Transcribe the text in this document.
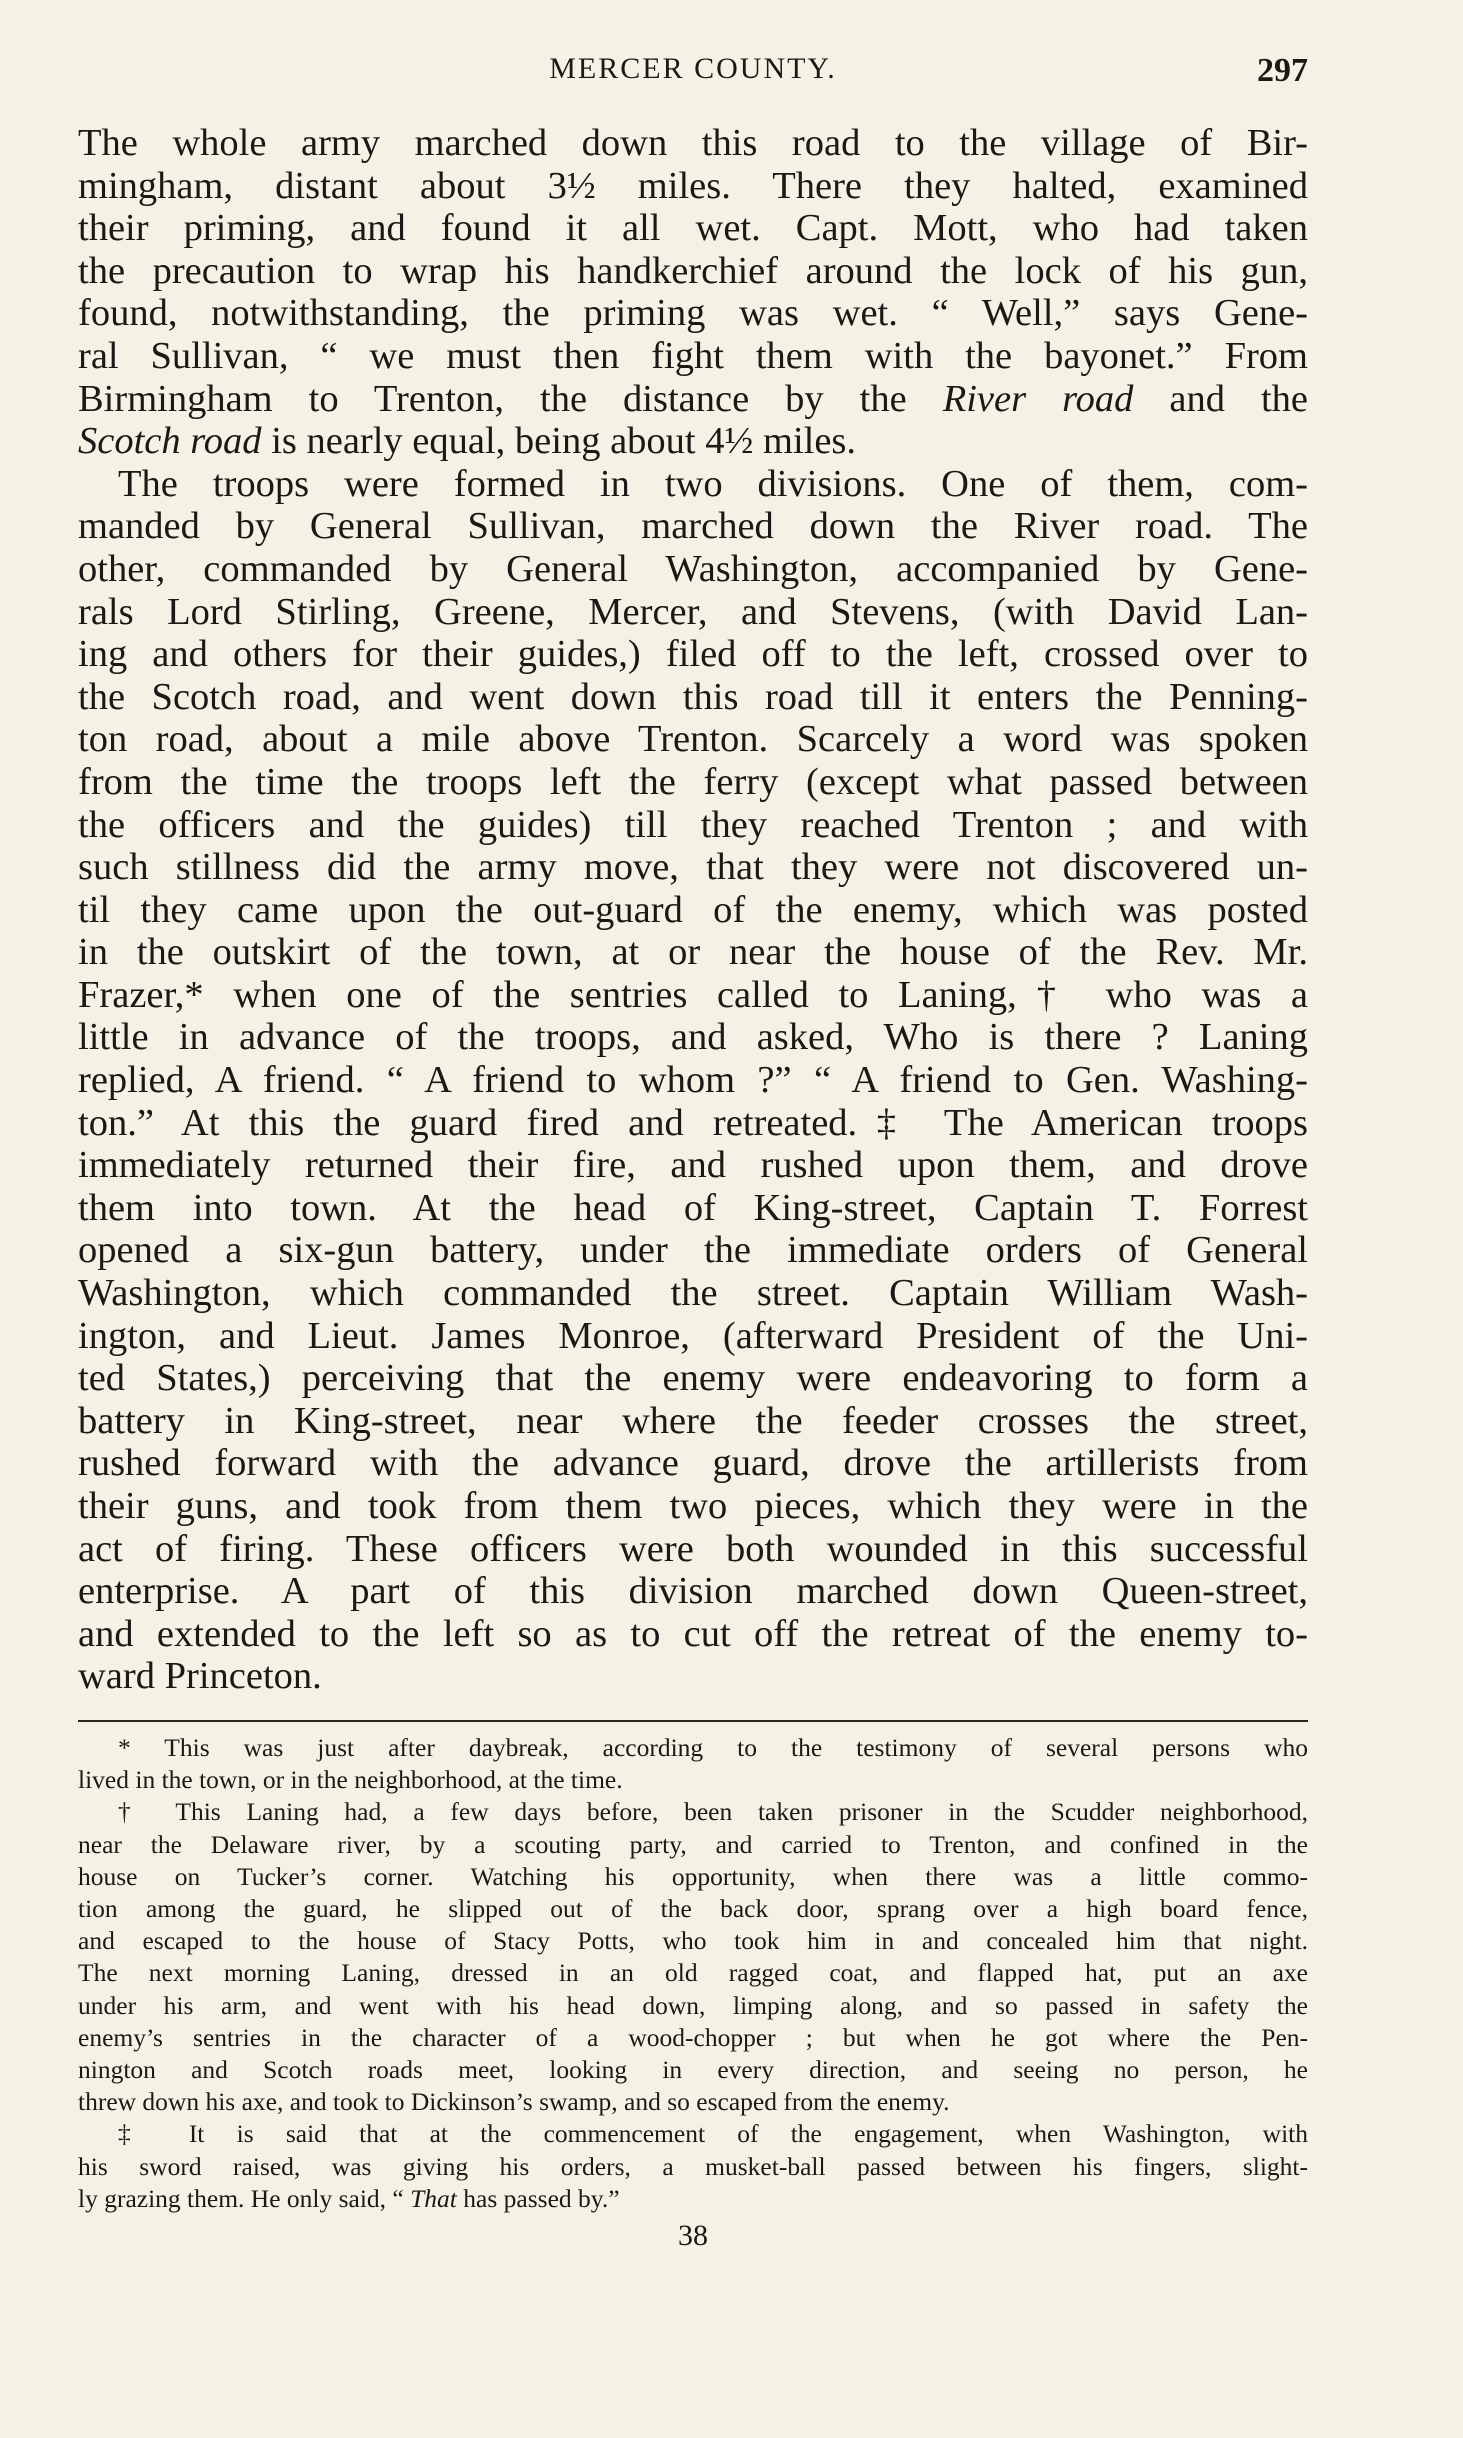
MERCER COUNTY.	297

The whole army marched down this road to the village of Bir-
mingham, distant about 3½ miles. There they halted, examined
their priming, and found it all wet. Capt. Mott, who had taken
the precaution to wrap his handkerchief around the lock of his gun,
found, notwithstanding, the priming was wet. “ Well,” says Gene-
ral Sullivan, “ we must then fight them with the bayonet.” From
Birmingham to Trenton, the distance by the River road and the
Scotch road is nearly equal, being about 4½ miles.

The troops were formed in two divisions. One of them, com-
manded by General Sullivan, marched down the River road. The
other, commanded by General Washington, accompanied by Gene-
rals Lord Stirling, Greene, Mercer, and Stevens, (with David Lan-
ing and others for their guides,) filed off to the left, crossed over to
the Scotch road, and went down this road till it enters the Penning-
ton road, about a mile above Trenton. Scarcely a word was spoken
from the time the troops left the ferry (except what passed between
the officers and the guides) till they reached Trenton ; and with
such stillness did the army move, that they were not discovered un-
til they came upon the out-guard of the enemy, which was posted
in the outskirt of the town, at or near the house of the Rev. Mr.
Frazer,* when one of the sentries called to Laning,† who was a
little in advance of the troops, and asked, Who is there ? Laning
replied, A friend. “ A friend to whom ?” “ A friend to Gen. Washing-
ton.” At this the guard fired and retreated.‡ The American troops
immediately returned their fire, and rushed upon them, and drove
them into town. At the head of King-street, Captain T. Forrest
opened a six-gun battery, under the immediate orders of General
Washington, which commanded the street. Captain William Wash-
ington, and Lieut. James Monroe, (afterward President of the Uni-
ted States,) perceiving that the enemy were endeavoring to form a
battery in King-street, near where the feeder crosses the street,
rushed forward with the advance guard, drove the artillerists from
their guns, and took from them two pieces, which they were in the
act of firing. These officers were both wounded in this successful
enterprise. A part of this division marched down Queen-street,
and extended to the left so as to cut off the retreat of the enemy to-
ward Princeton.

* This was just after daybreak, according to the testimony of several persons who
lived in the town, or in the neighborhood, at the time.

† This Laning had, a few days before, been taken prisoner in the Scudder neighborhood,
near the Delaware river, by a scouting party, and carried to Trenton, and confined in the
house on Tucker’s corner. Watching his opportunity, when there was a little commo-
tion among the guard, he slipped out of the back door, sprang over a high board fence,
and escaped to the house of Stacy Potts, who took him in and concealed him that night.
The next morning Laning, dressed in an old ragged coat, and flapped hat, put an axe
under his arm, and went with his head down, limping along, and so passed in safety the
enemy’s sentries in the character of a wood-chopper ; but when he got where the Pen-
nington and Scotch roads meet, looking in every direction, and seeing no person, he
threw down his axe, and took to Dickinson’s swamp, and so escaped from the enemy.

‡ It is said that at the commencement of the engagement, when Washington, with
his sword raised, was giving his orders, a musket-ball passed between his fingers, slight-
ly grazing them. He only said, “ That has passed by.”

38
